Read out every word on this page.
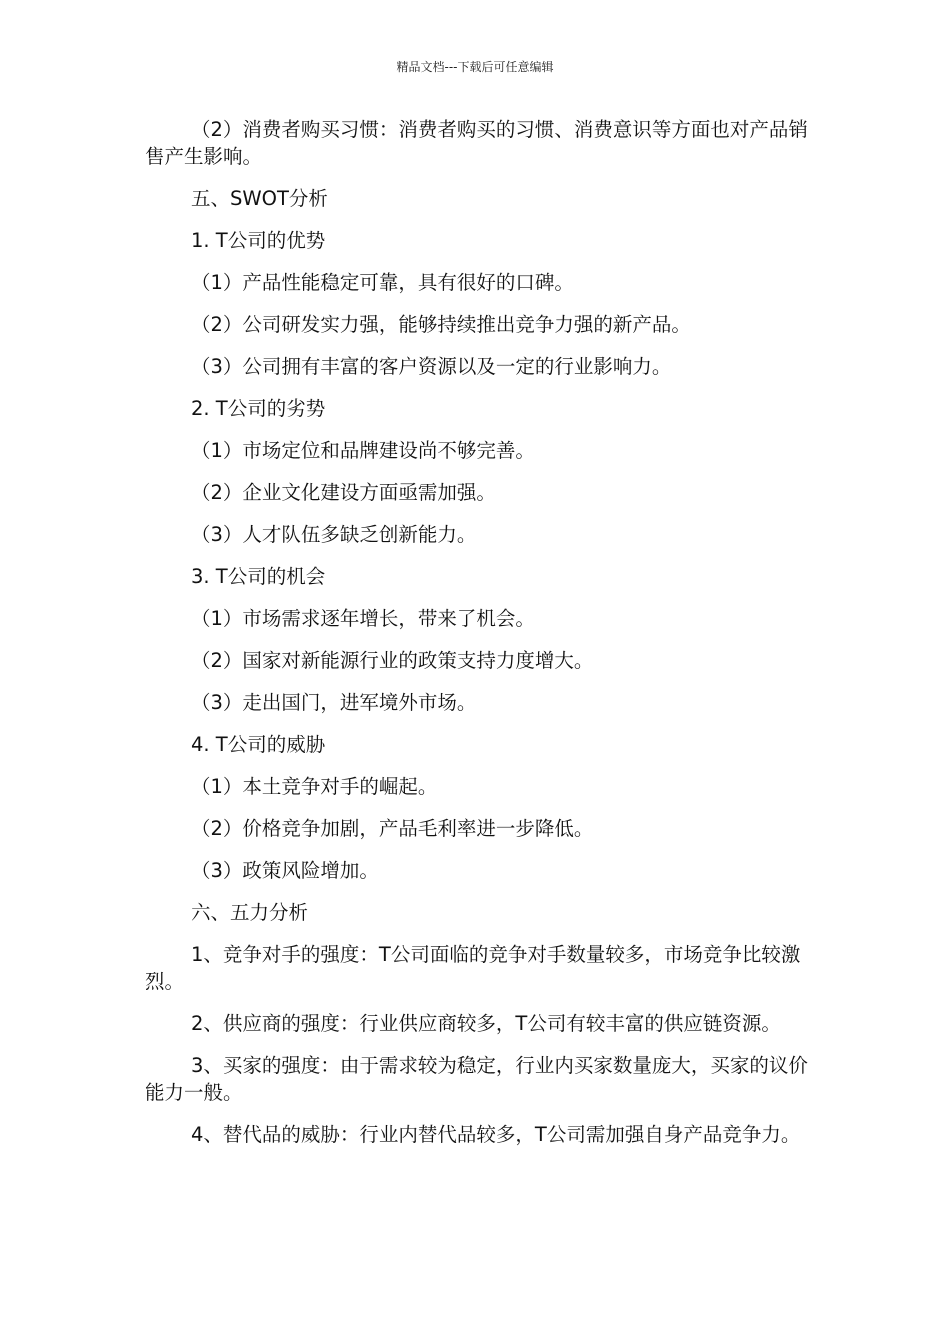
精品文档---下载后可任意编辑

（2）消费者购买习惯：消费者购买的习惯、消费意识等方面也对产品销售产生影响。

五、SWOT分析

1. T公司的优势

（1）产品性能稳定可靠，具有很好的口碑。

（2）公司研发实力强，能够持续推出竞争力强的新产品。

（3）公司拥有丰富的客户资源以及一定的行业影响力。

2. T公司的劣势

（1）市场定位和品牌建设尚不够完善。

（2）企业文化建设方面亟需加强。

（3）人才队伍多缺乏创新能力。

3. T公司的机会

（1）市场需求逐年增长，带来了机会。

（2）国家对新能源行业的政策支持力度增大。

（3）走出国门，进军境外市场。

4. T公司的威胁

（1）本土竞争对手的崛起。

（2）价格竞争加剧，产品毛利率进一步降低。

（3）政策风险增加。

六、五力分析

1、竞争对手的强度：T公司面临的竞争对手数量较多，市场竞争比较激烈。

2、供应商的强度：行业供应商较多，T公司有较丰富的供应链资源。

3、买家的强度：由于需求较为稳定，行业内买家数量庞大，买家的议价能力一般。

4、替代品的威胁：行业内替代品较多，T公司需加强自身产品竞争力。
